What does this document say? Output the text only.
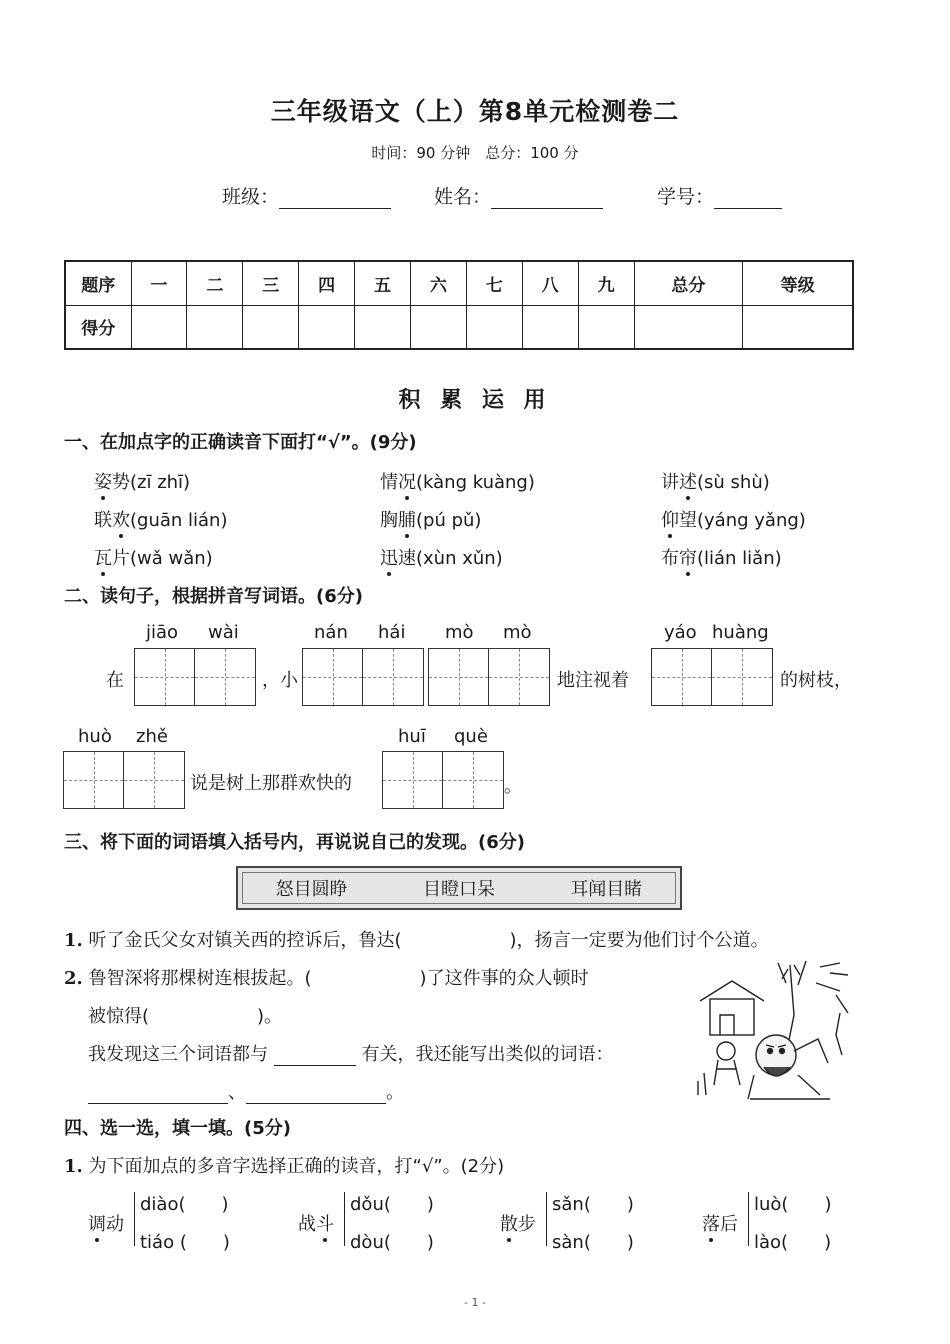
三年级语文（上）第8单元检测卷二
时间：90 分钟　总分：100 分
班级：	姓名：	学号：
题序	一	二	三	四	五	六	七	八	九	总分	等级
得分											
积 累 运 用
一、在加点字的正确读音下面打“√”。(9分)
姿势(zī zhī)	情况(kàng kuàng)	讲述(sù shù)
联欢(guān lián)	胸脯(pú pǔ)	仰望(yáng yǎng)
瓦片(wǎ wǎn)	迅速(xùn xǔn)	布帘(lián liǎn)
二、读句子，根据拼音写词语。(6分)
jiāo wài	nán hái mò mò	yáo huàng
在	，小	地注视着	的树枝，
huò zhě	huī què
说是树上那群欢快的	。
三、将下面的词语填入括号内，再说说自己的发现。(6分)
怒目圆睁	目瞪口呆	耳闻目睹
1. 听了金氏父女对镇关西的控诉后，鲁达(　　　　　　)，扬言一定要为他们讨个公道。
2. 鲁智深将那棵树连根拔起。(　　　　　　)了这件事的众人顿时
被惊得(　　　　　　)。
我发现这三个词语都与	有关，我还能写出类似的词语：
、	。
四、选一选，填一填。(5分)
1. 为下面加点的多音字选择正确的读音，打“√”。(2分)
调动
diào(　　)
tiáo (　　)
战斗
dǒu(　　)
dòu(　　)
散步
sǎn(　　)
sàn(　　)
落后
luò(　　)
lào(　　)
- 1 -
